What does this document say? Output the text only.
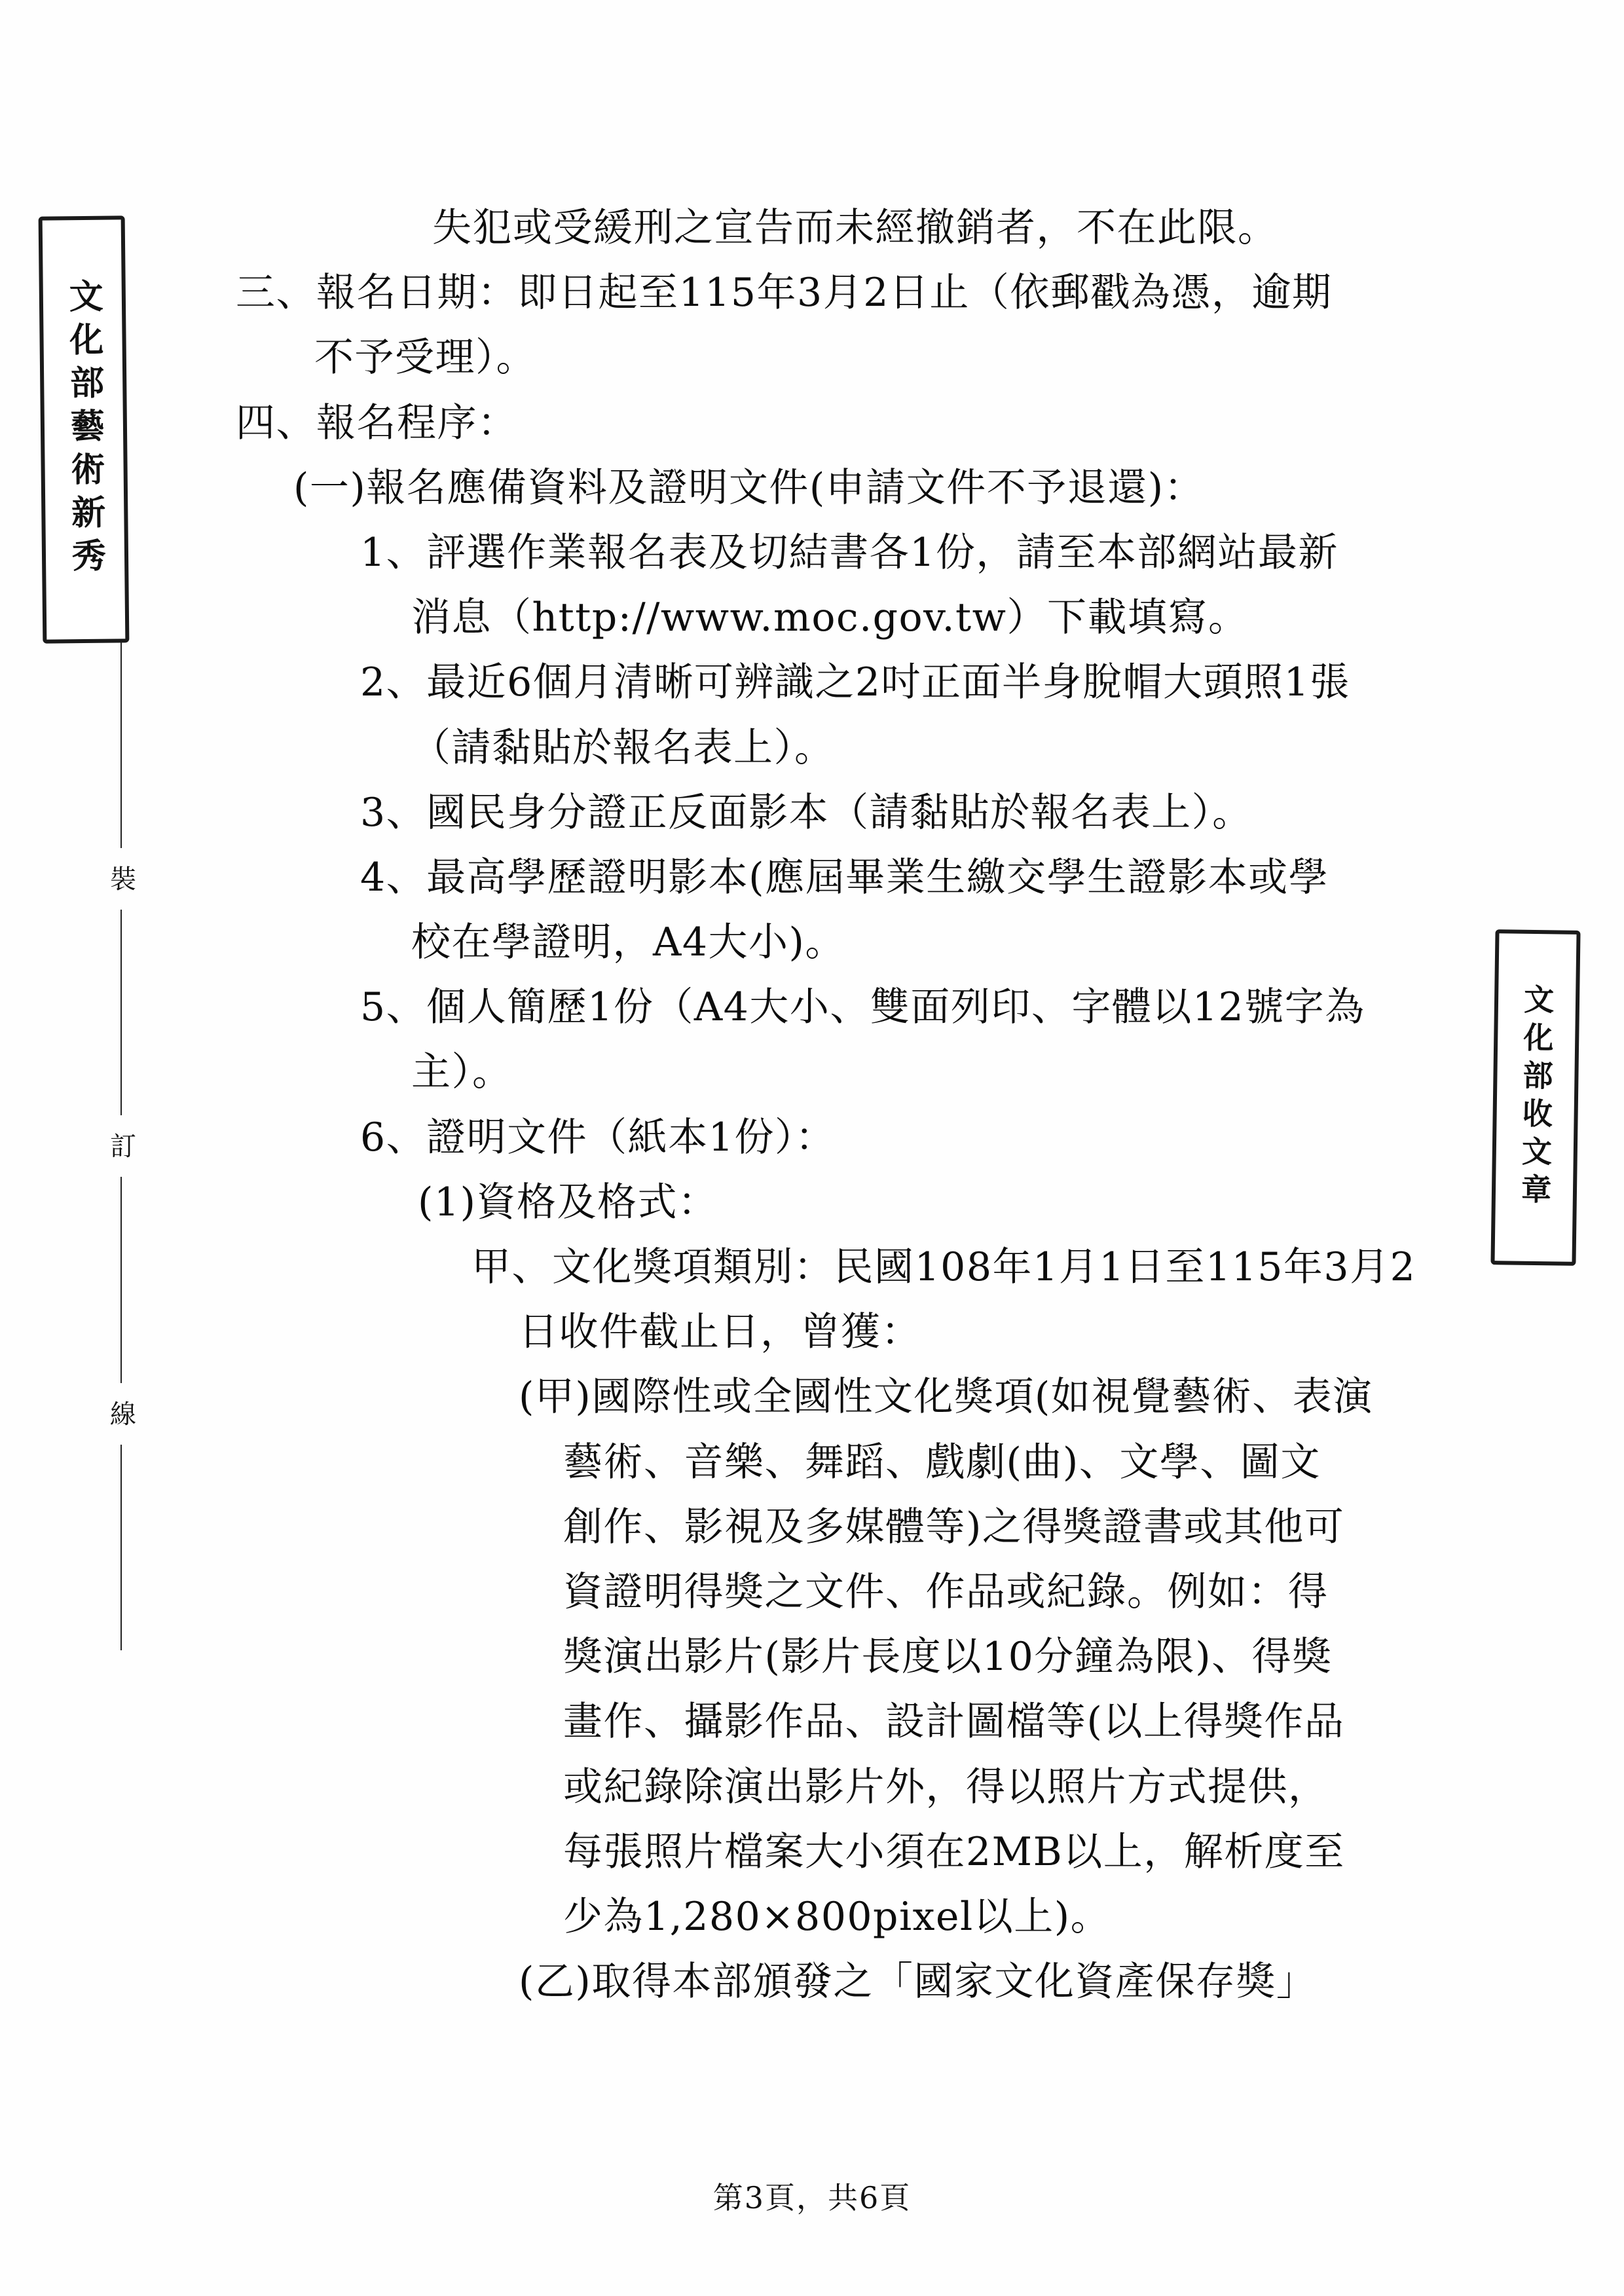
文化部藝術新秀
裝
訂
線
文化部收文章
失犯或受緩刑之宣告而未經撤銷者，不在此限。
三、報名日期：即日起至115年3月2日止（依郵戳為憑，逾期
不予受理）。
四、報名程序：
(一)報名應備資料及證明文件(申請文件不予退還)：
1、評選作業報名表及切結書各1份，請至本部網站最新
消息（http://www.moc.gov.tw）下載填寫。
2、最近6個月清晰可辨識之2吋正面半身脫帽大頭照1張
（請黏貼於報名表上）。
3、國民身分證正反面影本（請黏貼於報名表上）。
4、最高學歷證明影本(應屆畢業生繳交學生證影本或學
校在學證明，A4大小)。
5、個人簡歷1份（A4大小、雙面列印、字體以12號字為
主）。
6、證明文件（紙本1份）：
(1)資格及格式：
甲、文化獎項類別：民國108年1月1日至115年3月2
日收件截止日，曾獲：
(甲)國際性或全國性文化獎項(如視覺藝術、表演
藝術、音樂、舞蹈、戲劇(曲)、文學、圖文
創作、影視及多媒體等)之得獎證書或其他可
資證明得獎之文件、作品或紀錄。例如：得
獎演出影片(影片長度以10分鐘為限)、得獎
畫作、攝影作品、設計圖檔等(以上得獎作品
或紀錄除演出影片外，得以照片方式提供，
每張照片檔案大小須在2MB以上，解析度至
少為1,280×800pixel以上)。
(乙)取得本部頒發之「國家文化資產保存獎」
第3頁，共6頁
